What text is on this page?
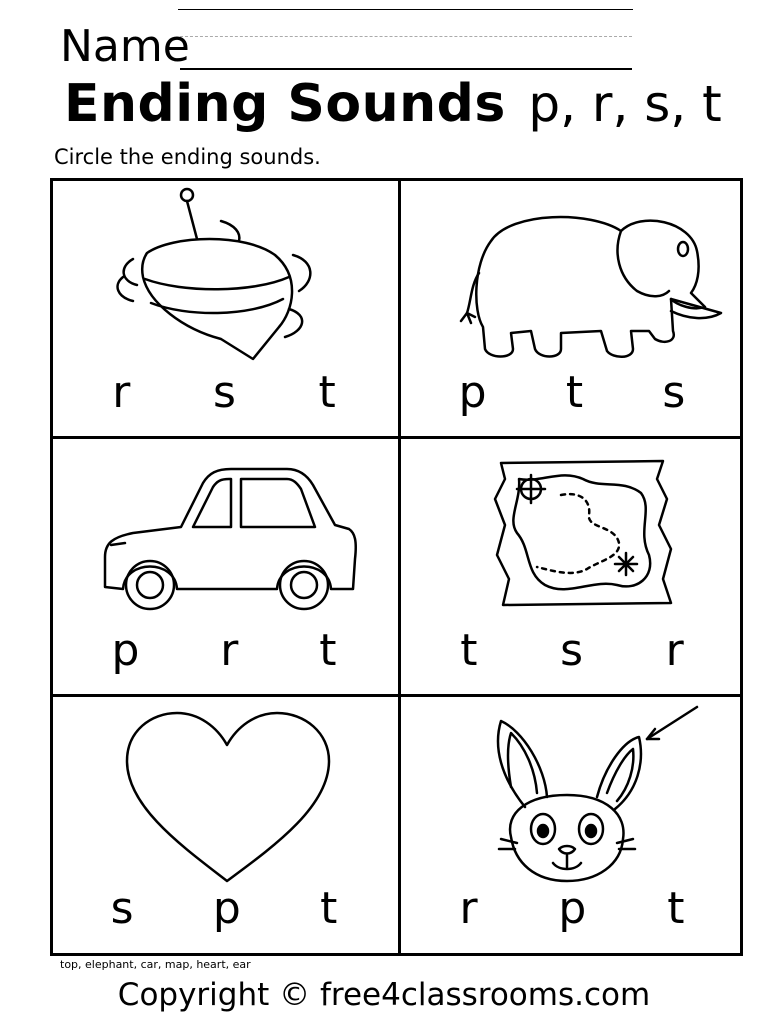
Name
Ending Sounds p, r, s, t
Circle the ending sounds.
r s t	p t s
p r t	t s r
s p t	r p t
top, elephant, car, map, heart, ear
Copyright © free4classrooms.com
